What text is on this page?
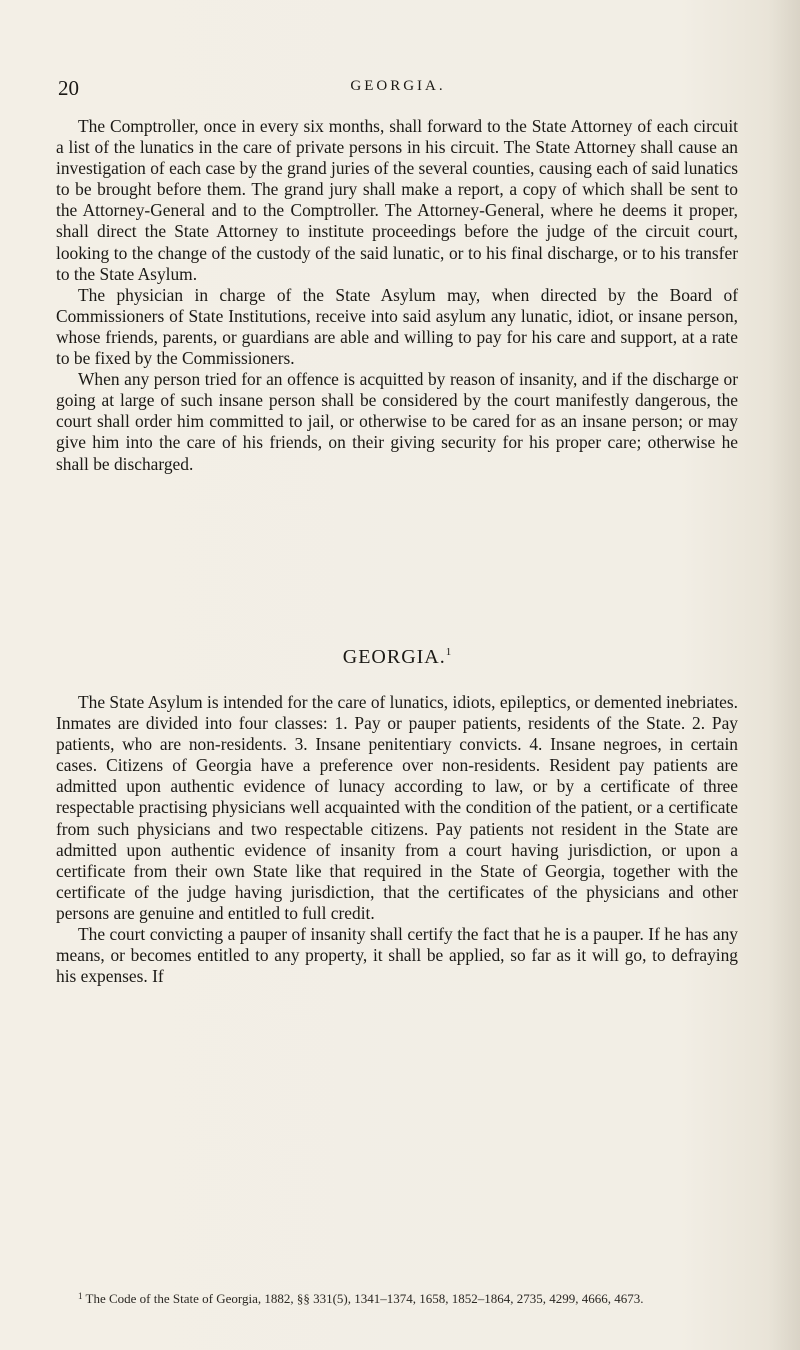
20	GEORGIA.

The Comptroller, once in every six months, shall forward to the State Attorney of each circuit a list of the lunatics in the care of private persons in his circuit. The State Attorney shall cause an investigation of each case by the grand juries of the several counties, causing each of said lunatics to be brought before them. The grand jury shall make a report, a copy of which shall be sent to the Attorney-General and to the Comptroller. The Attorney-General, where he deems it proper, shall direct the State Attorney to institute proceedings before the judge of the circuit court, looking to the change of the custody of the said lunatic, or to his final discharge, or to his transfer to the State Asylum.

The physician in charge of the State Asylum may, when directed by the Board of Commissioners of State Institutions, receive into said asylum any lunatic, idiot, or insane person, whose friends, parents, or guardians are able and willing to pay for his care and support, at a rate to be fixed by the Commissioners.

When any person tried for an offence is acquitted by reason of insanity, and if the discharge or going at large of such insane person shall be considered by the court manifestly dangerous, the court shall order him committed to jail, or otherwise to be cared for as an insane person; or may give him into the care of his friends, on their giving security for his proper care; otherwise he shall be discharged.

GEORGIA.$^1$

The State Asylum is intended for the care of lunatics, idiots, epileptics, or demented inebriates. Inmates are divided into four classes: 1. Pay or pauper patients, residents of the State. 2. Pay patients, who are non-residents. 3. Insane penitentiary convicts. 4. Insane negroes, in certain cases. Citizens of Georgia have a preference over non-residents. Resident pay patients are admitted upon authentic evidence of lunacy according to law, or by a certificate of three respectable practising physicians well acquainted with the condition of the patient, or a certificate from such physicians and two respectable citizens. Pay patients not resident in the State are admitted upon authentic evidence of insanity from a court having jurisdiction, or upon a certificate from their own State like that required in the State of Georgia, together with the certificate of the judge having jurisdiction, that the certificates of the physicians and other persons are genuine and entitled to full credit.

The court convicting a pauper of insanity shall certify the fact that he is a pauper. If he has any means, or becomes entitled to any property, it shall be applied, so far as it will go, to defraying his expenses. If

$^1$ The Code of the State of Georgia, 1882, §§ 331(5), 1341–1374, 1658, 1852–1864, 2735, 4299, 4666, 4673.
